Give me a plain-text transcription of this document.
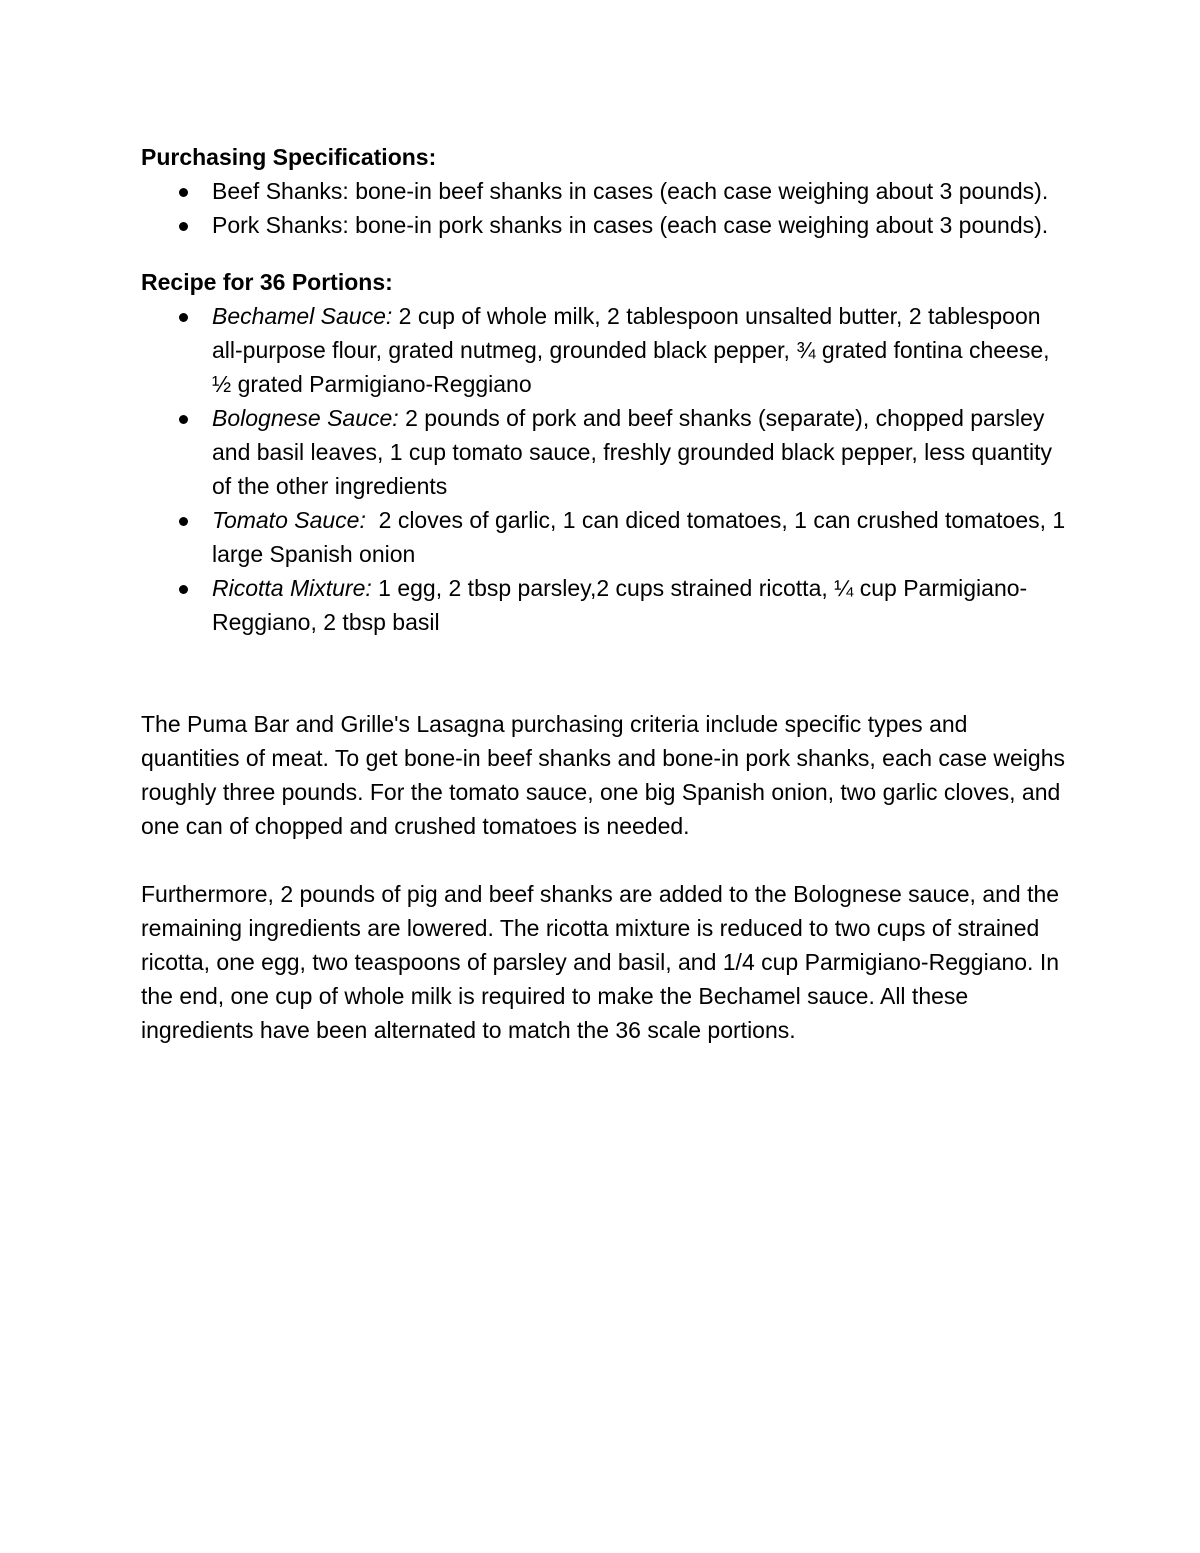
Purchasing Specifications:

Beef Shanks: bone-in beef shanks in cases (each case weighing about 3 pounds).
Pork Shanks: bone-in pork shanks in cases (each case weighing about 3 pounds).

Recipe for 36 Portions:

Bechamel Sauce: 2 cup of whole milk, 2 tablespoon unsalted butter, 2 tablespoon all-purpose flour, grated nutmeg, grounded black pepper, ¾ grated fontina cheese, ½ grated Parmigiano-Reggiano
Bolognese Sauce: 2 pounds of pork and beef shanks (separate), chopped parsley and basil leaves, 1 cup tomato sauce, freshly grounded black pepper, less quantity of the other ingredients
Tomato Sauce:  2 cloves of garlic, 1 can diced tomatoes, 1 can crushed tomatoes, 1 large Spanish onion
Ricotta Mixture: 1 egg, 2 tbsp parsley,2 cups strained ricotta, ¼ cup Parmigiano-Reggiano, 2 tbsp basil

The Puma Bar and Grille's Lasagna purchasing criteria include specific types and quantities of meat. To get bone-in beef shanks and bone-in pork shanks, each case weighs roughly three pounds. For the tomato sauce, one big Spanish onion, two garlic cloves, and one can of chopped and crushed tomatoes is needed.

Furthermore, 2 pounds of pig and beef shanks are added to the Bolognese sauce, and the remaining ingredients are lowered. The ricotta mixture is reduced to two cups of strained ricotta, one egg, two teaspoons of parsley and basil, and 1/4 cup Parmigiano-Reggiano. In the end, one cup of whole milk is required to make the Bechamel sauce. All these ingredients have been alternated to match the 36 scale portions.
